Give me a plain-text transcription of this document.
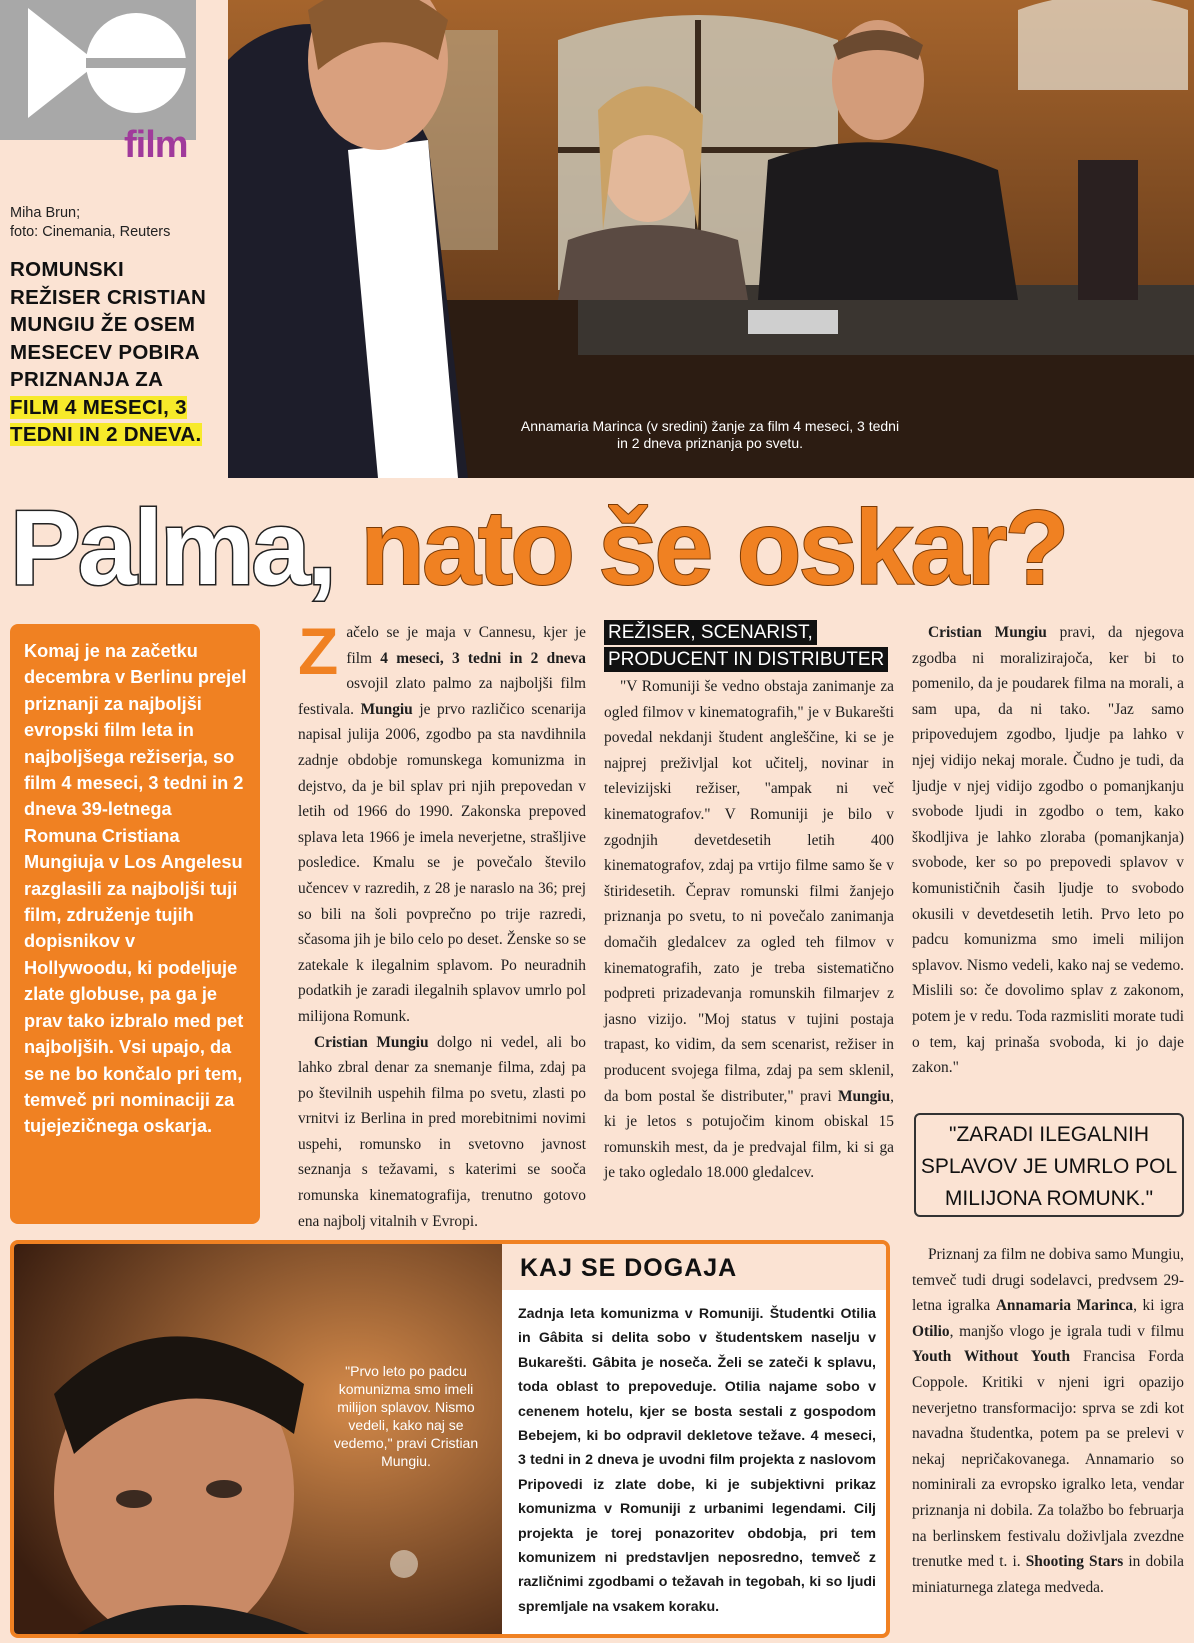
film
Miha Brun;
foto: Cinemania, Reuters
ROMUNSKI REŽISER CRISTIAN MUNGIU ŽE OSEM MESECEV POBIRA PRIZNANJA ZA FILM 4 MESECI, 3 TEDNI IN 2 DNEVA.	Annamaria Marinca (v sredini) žanje za film 4 meseci, 3 tedni
in 2 dneva priznanja po svetu.
Palma, nato še oskar?
Komaj je na začetku decembra v Berlinu prejel priznanji za najboljši evropski film leta in najboljšega režiserja, so film 4 meseci, 3 tedni in 2 dneva 39-letnega Romuna Cristiana Mungiuja v Los Angelesu razglasili za najboljši tuji film, združenje tujih dopisnikov v Hollywoodu, ki podeljuje zlate globuse, pa ga je prav tako izbralo med pet najboljših. Vsi upajo, da se ne bo končalo pri tem, temveč pri nominaciji za tujejezičnega oskarja.

Začelo se je maja v Cannesu, kjer je film 4 meseci, 3 tedni in 2 dneva osvojil zlato palmo za najboljši film festivala. Mungiu je prvo različico scenarija napisal julija 2006, zgodbo pa sta navdihnila zadnje obdobje romunskega komunizma in dejstvo, da je bil splav pri njih prepovedan v letih od 1966 do 1990. Zakonska prepoved splava leta 1966 je imela neverjetne, strašljive posledice. Kmalu se je povečalo število učencev v razredih, z 28 je naraslo na 36; prej so bili na šoli povprečno po trije razredi, sčasoma jih je bilo celo po deset. Ženske so se zatekale k ilegalnim splavom. Po neuradnih podatkih je zaradi ilegalnih splavov umrlo pol milijona Romunk.

Cristian Mungiu dolgo ni vedel, ali bo lahko zbral denar za snemanje filma, zdaj pa po številnih uspehih filma po svetu, zlasti po vrnitvi iz Berlina in pred morebitnimi novimi uspehi, romunsko in svetovno javnost seznanja s težavami, s katerimi se sooča romunska kinematografija, trenutno gotovo ena najbolj vitalnih v Evropi.

REŽISER, SCENARIST,
PRODUCENT IN DISTRIBUTER

"V Romuniji še vedno obstaja zanimanje za ogled filmov v kinematografih," je v Bukarešti povedal nekdanji študent angleščine, ki se je najprej preživljal kot učitelj, novinar in televizijski režiser, "ampak ni več kinematografov." V Romuniji je bilo v zgodnjih devetdesetih letih 400 kinematografov, zdaj pa vrtijo filme samo še v štiridesetih. Čeprav romunski filmi žanjejo priznanja po svetu, to ni povečalo zanimanja domačih gledalcev za ogled teh filmov v kinematografih, zato je treba sistematično podpreti prizadevanja romunskih filmarjev z jasno vizijo. "Moj status v tujini postaja trapast, ko vidim, da sem scenarist, režiser in producent svojega filma, zdaj pa sem sklenil, da bom postal še distributer," pravi Mungiu, ki je letos s potujočim kinom obiskal 15 romunskih mest, da je predvajal film, ki si ga je tako ogledalo 18.000 gledalcev.

Cristian Mungiu pravi, da njegova zgodba ni moralizirajoča, ker bi to pomenilo, da je poudarek filma na morali, a sam upa, da ni tako. "Jaz samo pripovedujem zgodbo, ljudje pa lahko v njej vidijo nekaj morale. Čudno je tudi, da ljudje v njej vidijo zgodbo o pomanjkanju svobode ljudi in zgodbo o tem, kako škodljiva je lahko zloraba (pomanjkanja) svobode, ker so po prepovedi splavov v komunističnih časih ljudje to svobodo okusili v devetdesetih letih. Prvo leto po padcu komunizma smo imeli milijon splavov. Nismo vedeli, kako naj se vedemo. Mislili so: če dovolimo splav z zakonom, potem je v redu. Toda razmisliti morate tudi o tem, kaj prinaša svoboda, ki jo daje zakon."

"ZARADI ILEGALNIH SPLAVOV JE UMRLO POL MILIJONA ROMUNK."

Priznanj za film ne dobiva samo Mungiu, temveč tudi drugi sodelavci, predvsem 29-letna igralka Annamaria Marinca, ki igra Otilio, manjšo vlogo je igrala tudi v filmu Youth Without Youth Francisa Forda Coppole. Kritiki v njeni igri opazijo neverjetno transformacijo: sprva se zdi kot navadna študentka, potem pa se prelevi v nekaj nepričakovanega. Annamario so nominirali za evropsko igralko leta, vendar priznanja ni dobila. Za tolažbo bo februarja na berlinskem festivalu doživljala zvezdne trenutke med t. i. Shooting Stars in dobila miniaturnega zlatega medveda.

"Prvo leto po padcu komunizma smo imeli milijon splavov. Nismo vedeli, kako naj se vedemo," pravi Cristian Mungiu.
KAJ SE DOGAJA
Zadnja leta komunizma v Romuniji. Študentki Otilia in Gâbita si delita sobo v študentskem naselju v Bukarešti. Gâbita je noseča. Želi se zateči k splavu, toda oblast to prepoveduje. Otilia najame sobo v cenenem hotelu, kjer se bosta sestali z gospodom Bebejem, ki bo odpravil dekletove težave. 4 meseci, 3 tedni in 2 dneva je uvodni film projekta z naslovom Pripovedi iz zlate dobe, ki je subjektivni prikaz komunizma v Romuniji z urbanimi legendami. Cilj projekta je torej ponazoritev obdobja, pri tem komunizem ni predstavljen neposredno, temveč z različnimi zgodbami o težavah in tegobah, ki so ljudi spremljale na vsakem koraku.
